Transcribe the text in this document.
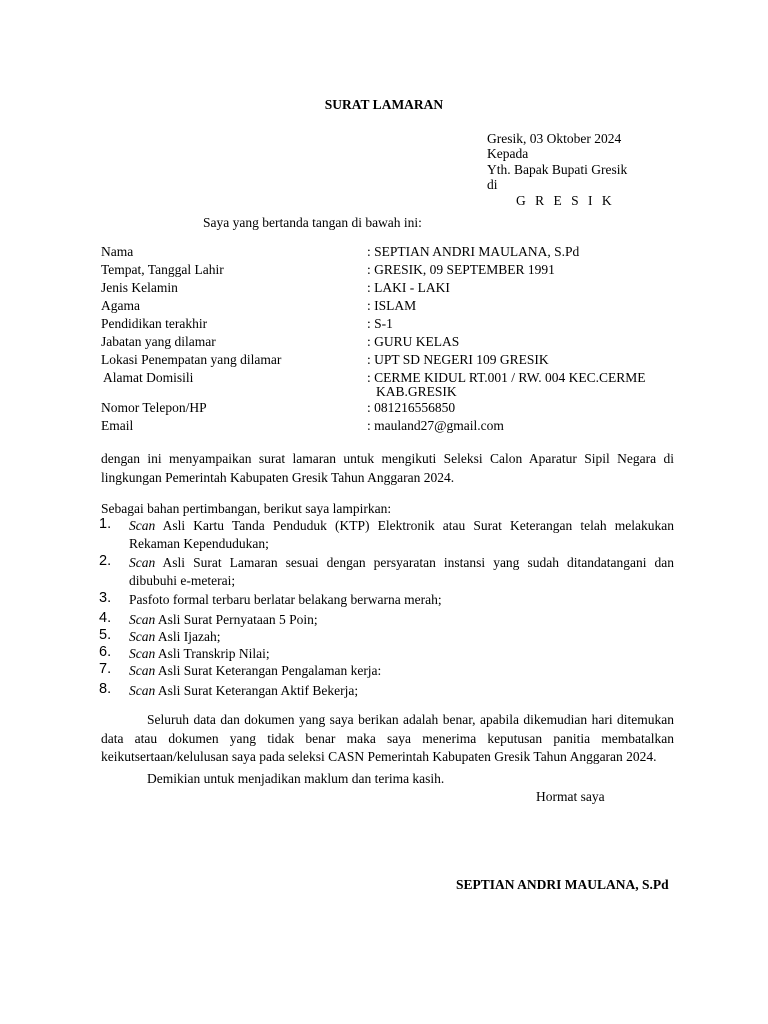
SURAT LAMARAN
Gresik, 03 Oktober 2024
Kepada
Yth. Bapak Bupati Gresik
di
G R E S I K
Saya yang bertanda tangan di bawah ini:
Nama	: SEPTIAN ANDRI MAULANA, S.Pd
Tempat, Tanggal Lahir	: GRESIK, 09 SEPTEMBER 1991
Jenis Kelamin	: LAKI - LAKI
Agama	: ISLAM
Pendidikan terakhir	: S-1
Jabatan yang dilamar	: GURU KELAS
Lokasi Penempatan yang dilamar	: UPT SD NEGERI 109 GRESIK
Alamat Domisili	: CERME KIDUL RT.001 / RW. 004 KEC.CERME
KAB.GRESIK
Nomor Telepon/HP	: 081216556850
Email	: mauland27@gmail.com
dengan ini menyampaikan surat lamaran untuk mengikuti Seleksi Calon Aparatur Sipil Negara di lingkungan Pemerintah Kabupaten Gresik Tahun Anggaran 2024.
Sebagai bahan pertimbangan, berikut saya lampirkan:
1. Scan Asli Kartu Tanda Penduduk (KTP) Elektronik atau Surat Keterangan telah melakukan Rekaman Kependudukan;
2. Scan Asli Surat Lamaran sesuai dengan persyaratan instansi yang sudah ditandatangani dan dibubuhi e-meterai;
3. Pasfoto formal terbaru berlatar belakang berwarna merah;
4. Scan Asli Surat Pernyataan 5 Poin;
5. Scan Asli Ijazah;
6. Scan Asli Transkrip Nilai;
7. Scan Asli Surat Keterangan Pengalaman kerja:
8. Scan Asli Surat Keterangan Aktif Bekerja;
Seluruh data dan dokumen yang saya berikan adalah benar, apabila dikemudian hari ditemukan data atau dokumen yang tidak benar maka saya menerima keputusan panitia membatalkan keikutsertaan/kelulusan saya pada seleksi CASN Pemerintah Kabupaten Gresik Tahun Anggaran 2024.
Demikian untuk menjadikan maklum dan terima kasih.
Hormat saya
SEPTIAN ANDRI MAULANA, S.Pd
